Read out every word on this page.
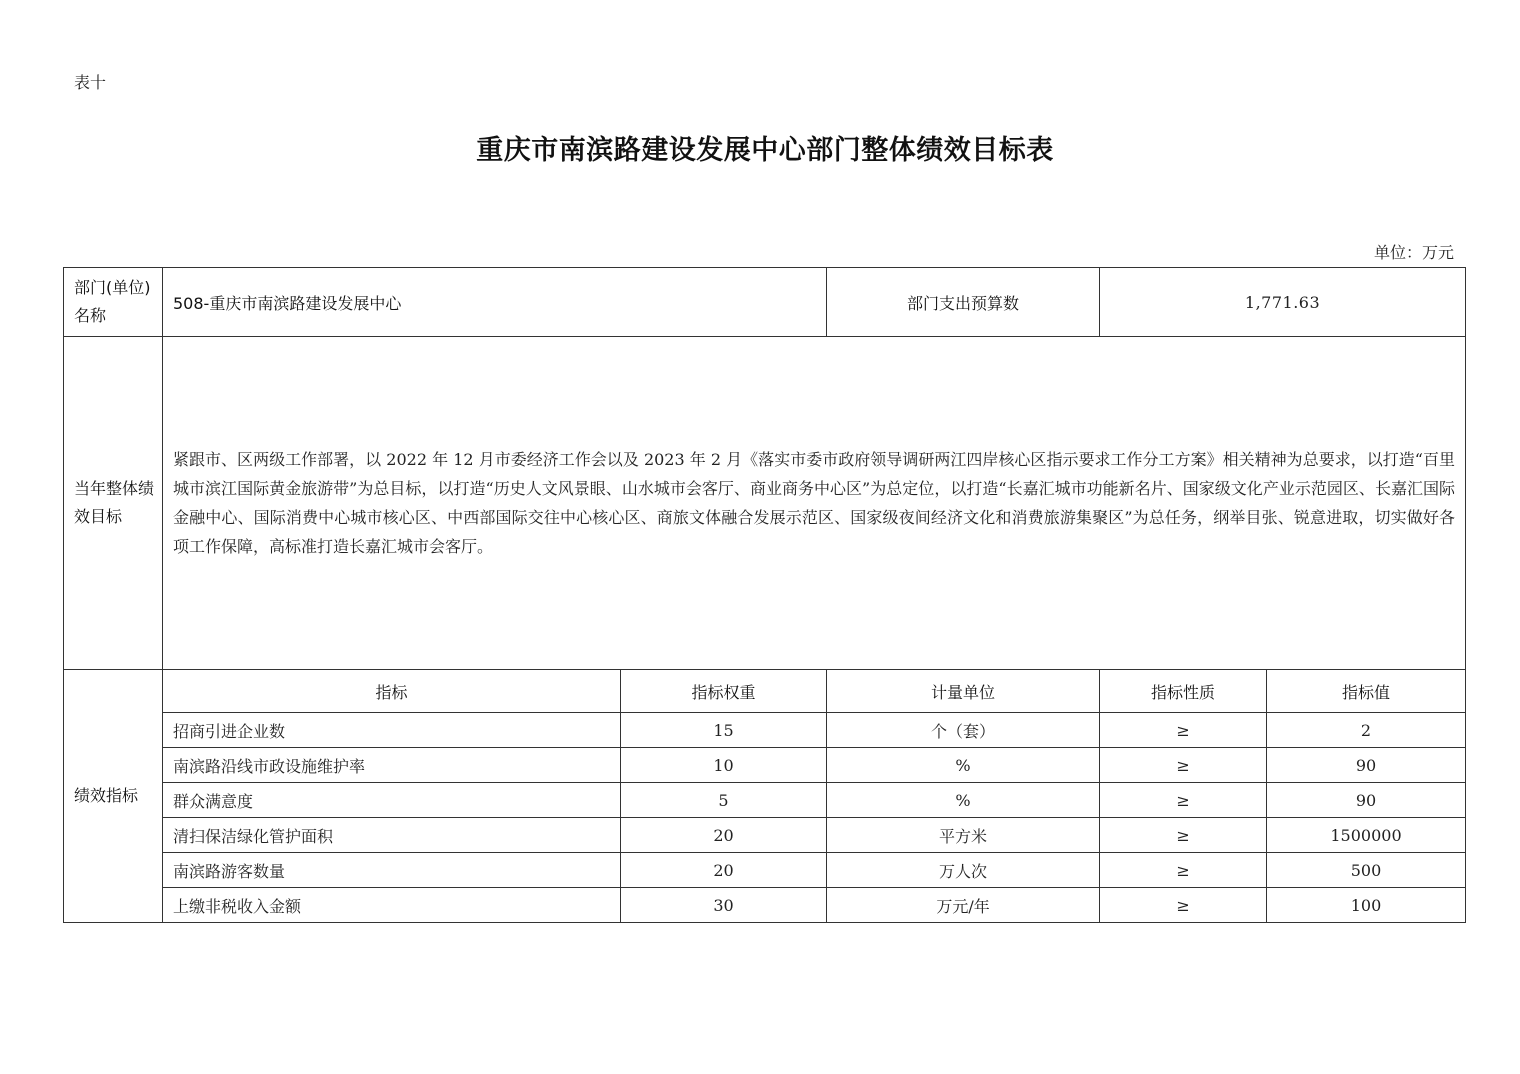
表十
重庆市南滨路建设发展中心部门整体绩效目标表
单位：万元
部门(单位)名称	508-重庆市南滨路建设发展中心		部门支出预算数	1,771.63	
当年整体绩效目标	紧跟市、区两级工作部署，以 2022 年 12 月市委经济工作会以及 2023 年 2 月《落实市委市政府领导调研两江四岸核心区指示要求工作分工方案》相关精神为总要求，以打造“百里城市滨江国际黄金旅游带”为总目标，以打造“历史人文风景眼、山水城市会客厅、商业商务中心区”为总定位，以打造“长嘉汇城市功能新名片、国家级文化产业示范园区、长嘉汇国际金融中心、国际消费中心城市核心区、中西部国际交往中心核心区、商旅文体融合发展示范区、国家级夜间经济文化和消费旅游集聚区”为总任务，纲举目张、锐意进取，切实做好各项工作保障，高标准打造长嘉汇城市会客厅。				
绩效指标	指标	指标权重	计量单位	指标性质	指标值
	招商引进企业数	15	个（套）	≥	2
	南滨路沿线市政设施维护率	10	%	≥	90
	群众满意度	5	%	≥	90
	清扫保洁绿化管护面积	20	平方米	≥	1500000
	南滨路游客数量	20	万人次	≥	500
	上缴非税收入金额	30	万元/年	≥	100
